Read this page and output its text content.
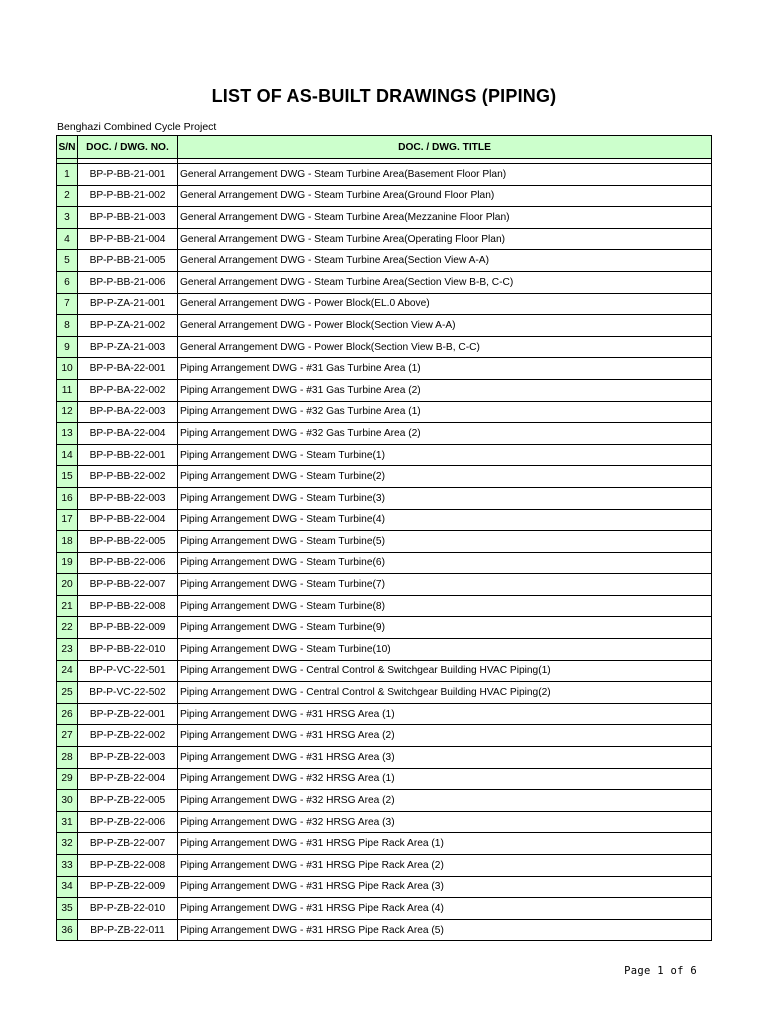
LIST OF AS-BUILT DRAWINGS (PIPING)
Benghazi Combined Cycle Project
S/N	DOC. / DWG. NO.	DOC. / DWG. TITLE

1	BP-P-BB-21-001	General Arrangement DWG - Steam Turbine Area(Basement Floor Plan)
2	BP-P-BB-21-002	General Arrangement DWG - Steam Turbine Area(Ground Floor Plan)
3	BP-P-BB-21-003	General Arrangement DWG - Steam Turbine Area(Mezzanine Floor Plan)
4	BP-P-BB-21-004	General Arrangement DWG - Steam Turbine Area(Operating Floor Plan)
5	BP-P-BB-21-005	General Arrangement DWG - Steam Turbine Area(Section View A-A)
6	BP-P-BB-21-006	General Arrangement DWG - Steam Turbine Area(Section View B-B, C-C)
7	BP-P-ZA-21-001	General Arrangement DWG - Power Block(EL.0 Above)
8	BP-P-ZA-21-002	General Arrangement DWG - Power Block(Section View A-A)
9	BP-P-ZA-21-003	General Arrangement DWG - Power Block(Section View B-B, C-C)
10	BP-P-BA-22-001	Piping Arrangement DWG - #31 Gas Turbine Area (1)
11	BP-P-BA-22-002	Piping Arrangement DWG - #31 Gas Turbine Area (2)
12	BP-P-BA-22-003	Piping Arrangement DWG - #32 Gas Turbine Area (1)
13	BP-P-BA-22-004	Piping Arrangement DWG - #32 Gas Turbine Area (2)
14	BP-P-BB-22-001	Piping Arrangement DWG - Steam Turbine(1)
15	BP-P-BB-22-002	Piping Arrangement DWG - Steam Turbine(2)
16	BP-P-BB-22-003	Piping Arrangement DWG - Steam Turbine(3)
17	BP-P-BB-22-004	Piping Arrangement DWG - Steam Turbine(4)
18	BP-P-BB-22-005	Piping Arrangement DWG - Steam Turbine(5)
19	BP-P-BB-22-006	Piping Arrangement DWG - Steam Turbine(6)
20	BP-P-BB-22-007	Piping Arrangement DWG - Steam Turbine(7)
21	BP-P-BB-22-008	Piping Arrangement DWG - Steam Turbine(8)
22	BP-P-BB-22-009	Piping Arrangement DWG - Steam Turbine(9)
23	BP-P-BB-22-010	Piping Arrangement DWG - Steam Turbine(10)
24	BP-P-VC-22-501	Piping Arrangement DWG - Central Control & Switchgear Building HVAC Piping(1)
25	BP-P-VC-22-502	Piping Arrangement DWG - Central Control & Switchgear Building HVAC Piping(2)
26	BP-P-ZB-22-001	Piping Arrangement DWG - #31 HRSG Area (1)
27	BP-P-ZB-22-002	Piping Arrangement DWG - #31 HRSG Area (2)
28	BP-P-ZB-22-003	Piping Arrangement DWG - #31 HRSG Area (3)
29	BP-P-ZB-22-004	Piping Arrangement DWG - #32 HRSG Area (1)
30	BP-P-ZB-22-005	Piping Arrangement DWG - #32 HRSG Area (2)
31	BP-P-ZB-22-006	Piping Arrangement DWG - #32 HRSG Area (3)
32	BP-P-ZB-22-007	Piping Arrangement DWG - #31 HRSG Pipe Rack Area (1)
33	BP-P-ZB-22-008	Piping Arrangement DWG - #31 HRSG Pipe Rack Area (2)
34	BP-P-ZB-22-009	Piping Arrangement DWG - #31 HRSG Pipe Rack Area (3)
35	BP-P-ZB-22-010	Piping Arrangement DWG - #31 HRSG Pipe Rack Area (4)
36	BP-P-ZB-22-011	Piping Arrangement DWG - #31 HRSG Pipe Rack Area (5)
Page 1 of 6
